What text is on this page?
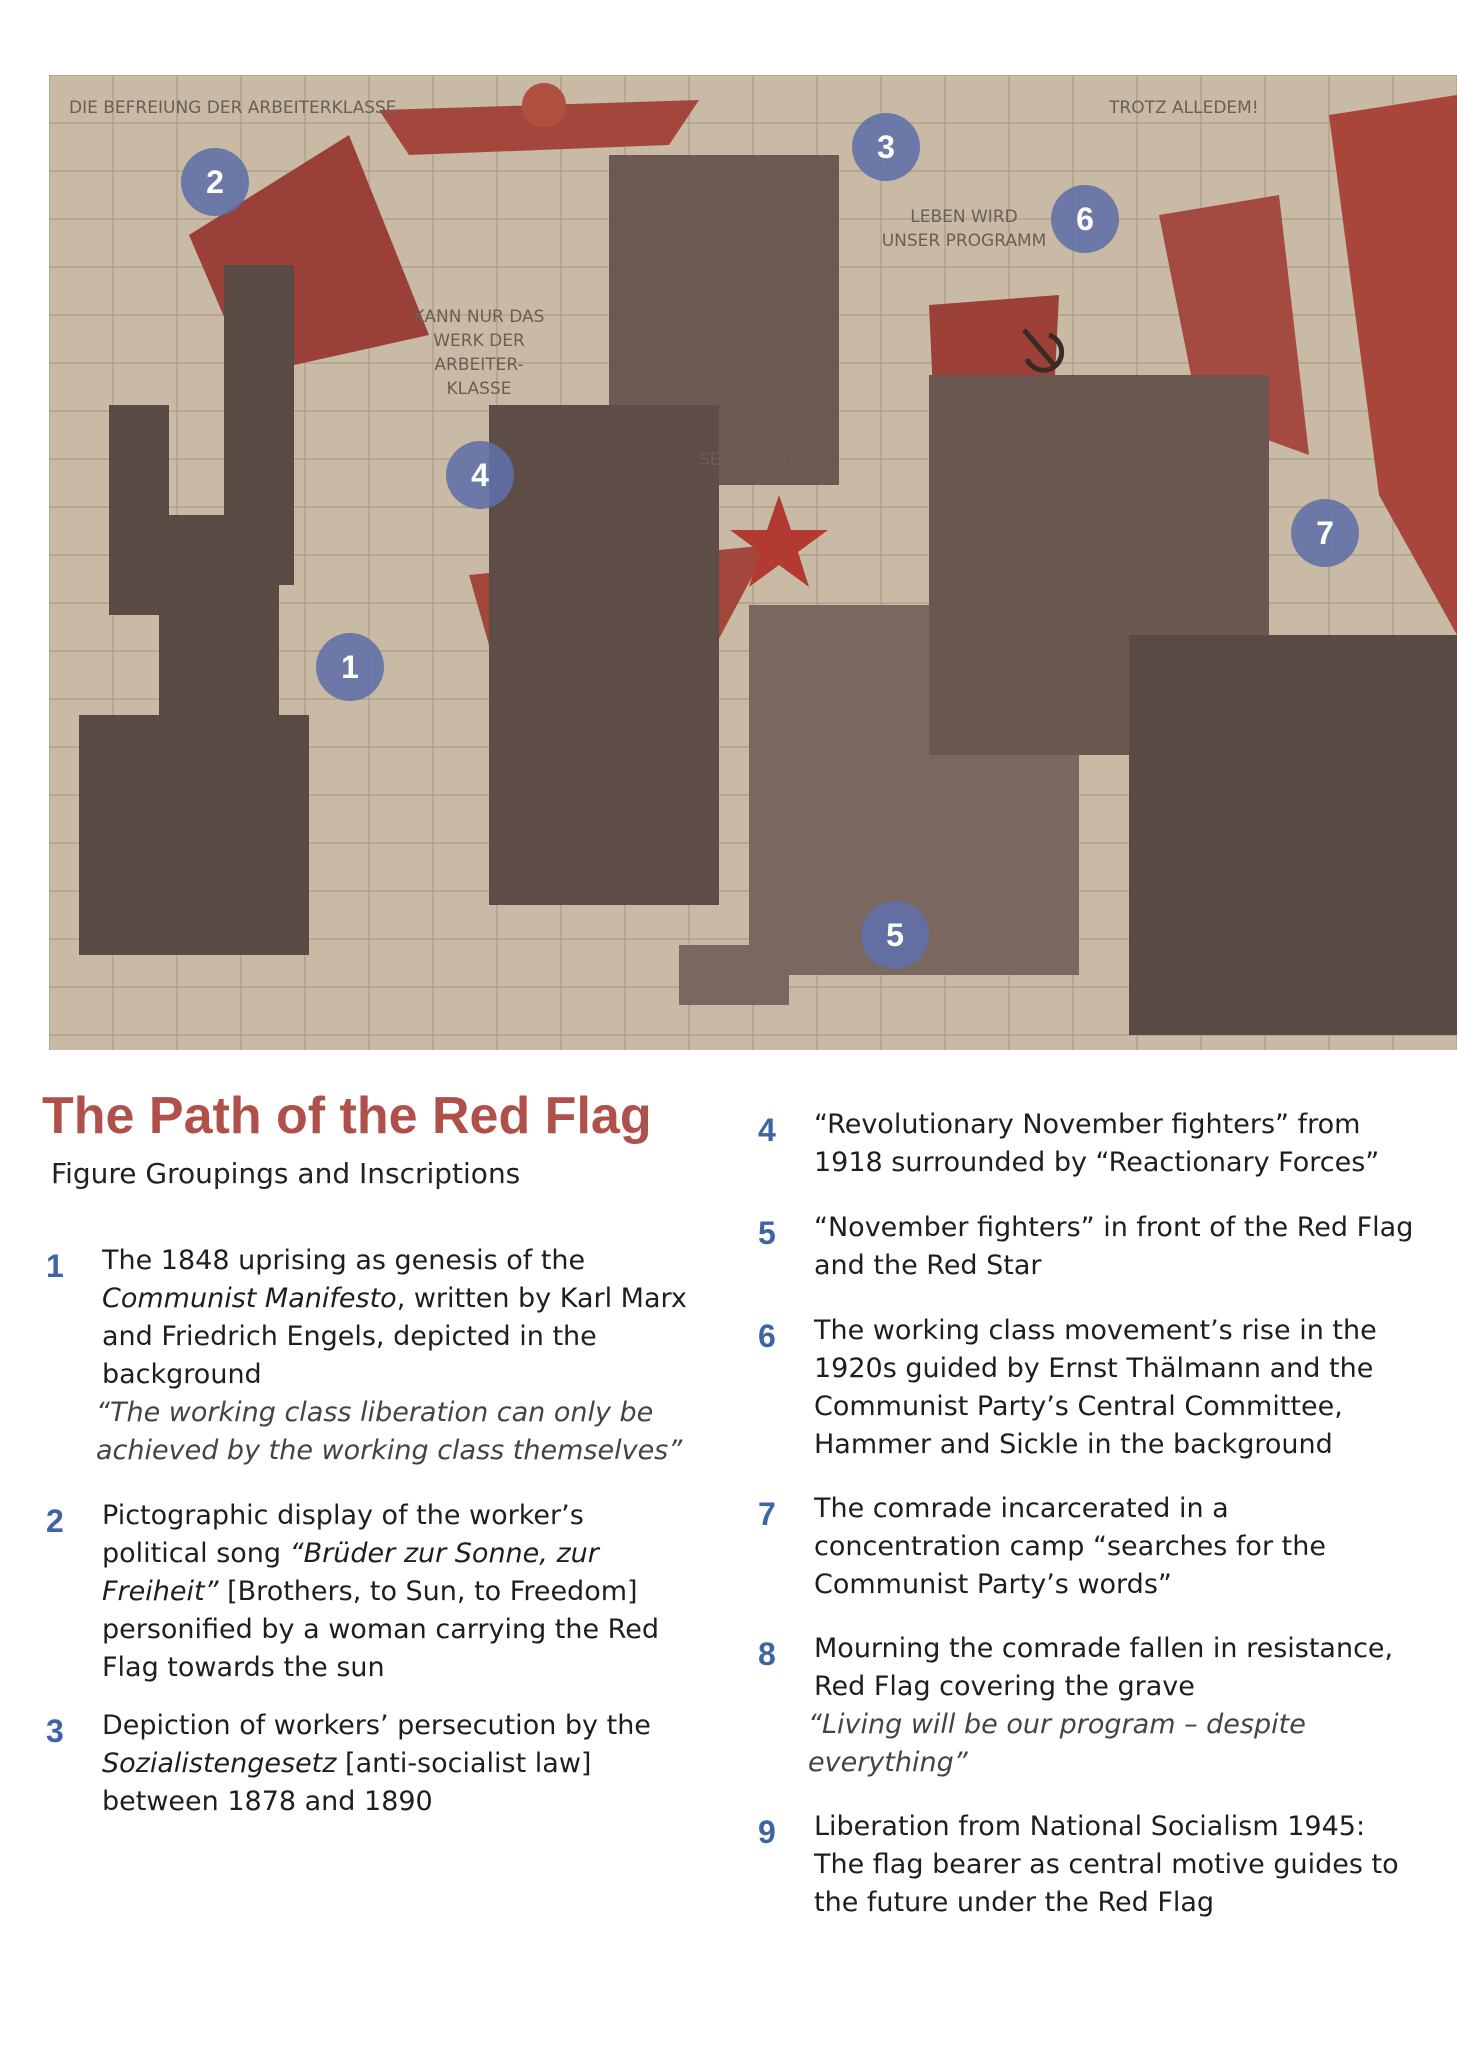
DIE BEFREIUNG DER ARBEITERKLASSE	TROTZ ALLEDEM!
KANN NUR DAS WERK DER ARBEITER-KLASSE
SELBST SEIN!
LEBEN WIRD UNSER PROGRAMM
2
3
6
4
7
1
5
The Path of the Red Flag
Figure Groupings and Inscriptions
1 The 1848 uprising as genesis of the Communist Manifesto, written by Karl Marx and Friedrich Engels, depicted in the background
“The working class liberation can only be achieved by the working class themselves”
2 Pictographic display of the worker’s political song “Brüder zur Sonne, zur Freiheit” [Brothers, to Sun, to Freedom] personified by a woman carrying the Red Flag towards the sun
3 Depiction of workers’ persecution by the Sozialistengesetz [anti-socialist law] between 1878 and 1890
4 “Revolutionary November fighters” from 1918 surrounded by “Reactionary Forces”
5 “November fighters” in front of the Red Flag and the Red Star
6 The working class movement’s rise in the 1920s guided by Ernst Thälmann and the Communist Party’s Central Committee, Hammer and Sickle in the background
7 The comrade incarcerated in a concentration camp “searches for the Communist Party’s words”
8 Mourning the comrade fallen in resistance, Red Flag covering the grave
“Living will be our program – despite everything”
9 Liberation from National Socialism 1945: The flag bearer as central motive guides to the future under the Red Flag
